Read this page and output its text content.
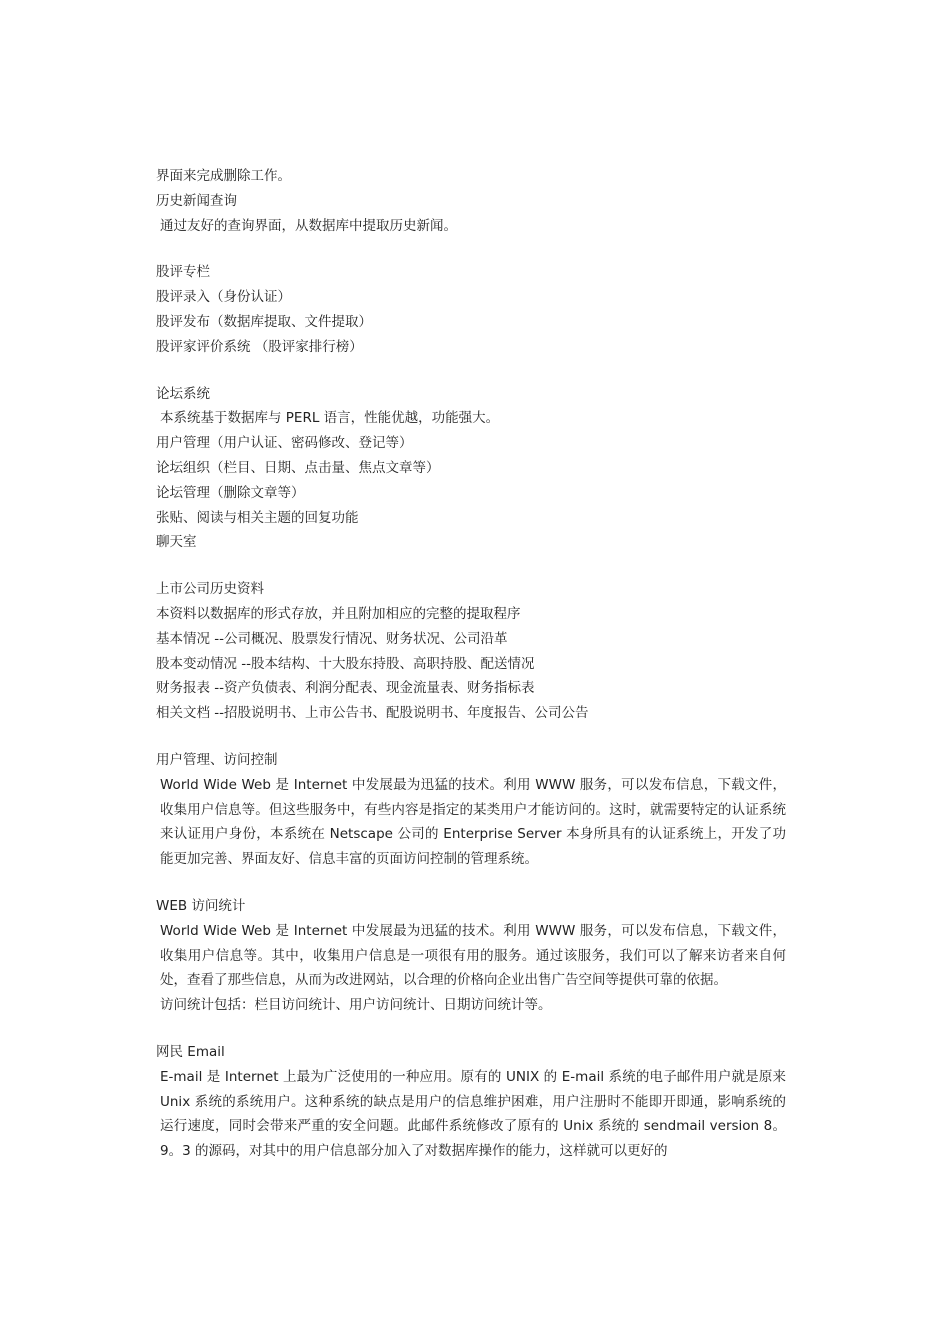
界面来完成删除工作。
历史新闻查询
通过友好的查询界面，从数据库中提取历史新闻。
股评专栏
股评录入（身份认证）
股评发布（数据库提取、文件提取）
股评家评价系统 （股评家排行榜）
论坛系统
本系统基于数据库与 PERL 语言，性能优越，功能强大。
用户管理（用户认证、密码修改、登记等）
论坛组织（栏目、日期、点击量、焦点文章等）
论坛管理（删除文章等）
张贴、阅读与相关主题的回复功能
聊天室
上市公司历史资料
本资料以数据库的形式存放，并且附加相应的完整的提取程序
基本情况 --公司概况、股票发行情况、财务状况、公司沿革
股本变动情况 --股本结构、十大股东持股、高职持股、配送情况
财务报表 --资产负债表、利润分配表、现金流量表、财务指标表
相关文档 --招股说明书、上市公告书、配股说明书、年度报告、公司公告
用户管理、访问控制
World Wide Web 是 Internet 中发展最为迅猛的技术。利用 WWW 服务，可以发布信息，下载文件，收集用户信息等。但这些服务中，有些内容是指定的某类用户才能访问的。这时，就需要特定的认证系统来认证用户身份，本系统在 Netscape 公司的 Enterprise Server 本身所具有的认证系统上，开发了功能更加完善、界面友好、信息丰富的页面访问控制的管理系统。
WEB 访问统计
World Wide Web 是 Internet 中发展最为迅猛的技术。利用 WWW 服务，可以发布信息，下载文件，收集用户信息等。其中，收集用户信息是一项很有用的服务。通过该服务，我们可以了解来访者来自何处，查看了那些信息，从而为改进网站，以合理的价格向企业出售广告空间等提供可靠的依据。
访问统计包括：栏目访问统计、用户访问统计、日期访问统计等。
网民 Email
E-mail 是 Internet 上最为广泛使用的一种应用。原有的 UNIX 的 E-mail 系统的电子邮件用户就是原来 Unix 系统的系统用户。这种系统的缺点是用户的信息维护困难，用户注册时不能即开即通，影响系统的运行速度，同时会带来严重的安全问题。此邮件系统修改了原有的 Unix 系统的 sendmail version 8。9。3 的源码，对其中的用户信息部分加入了对数据库操作的能力，这样就可以更好的
